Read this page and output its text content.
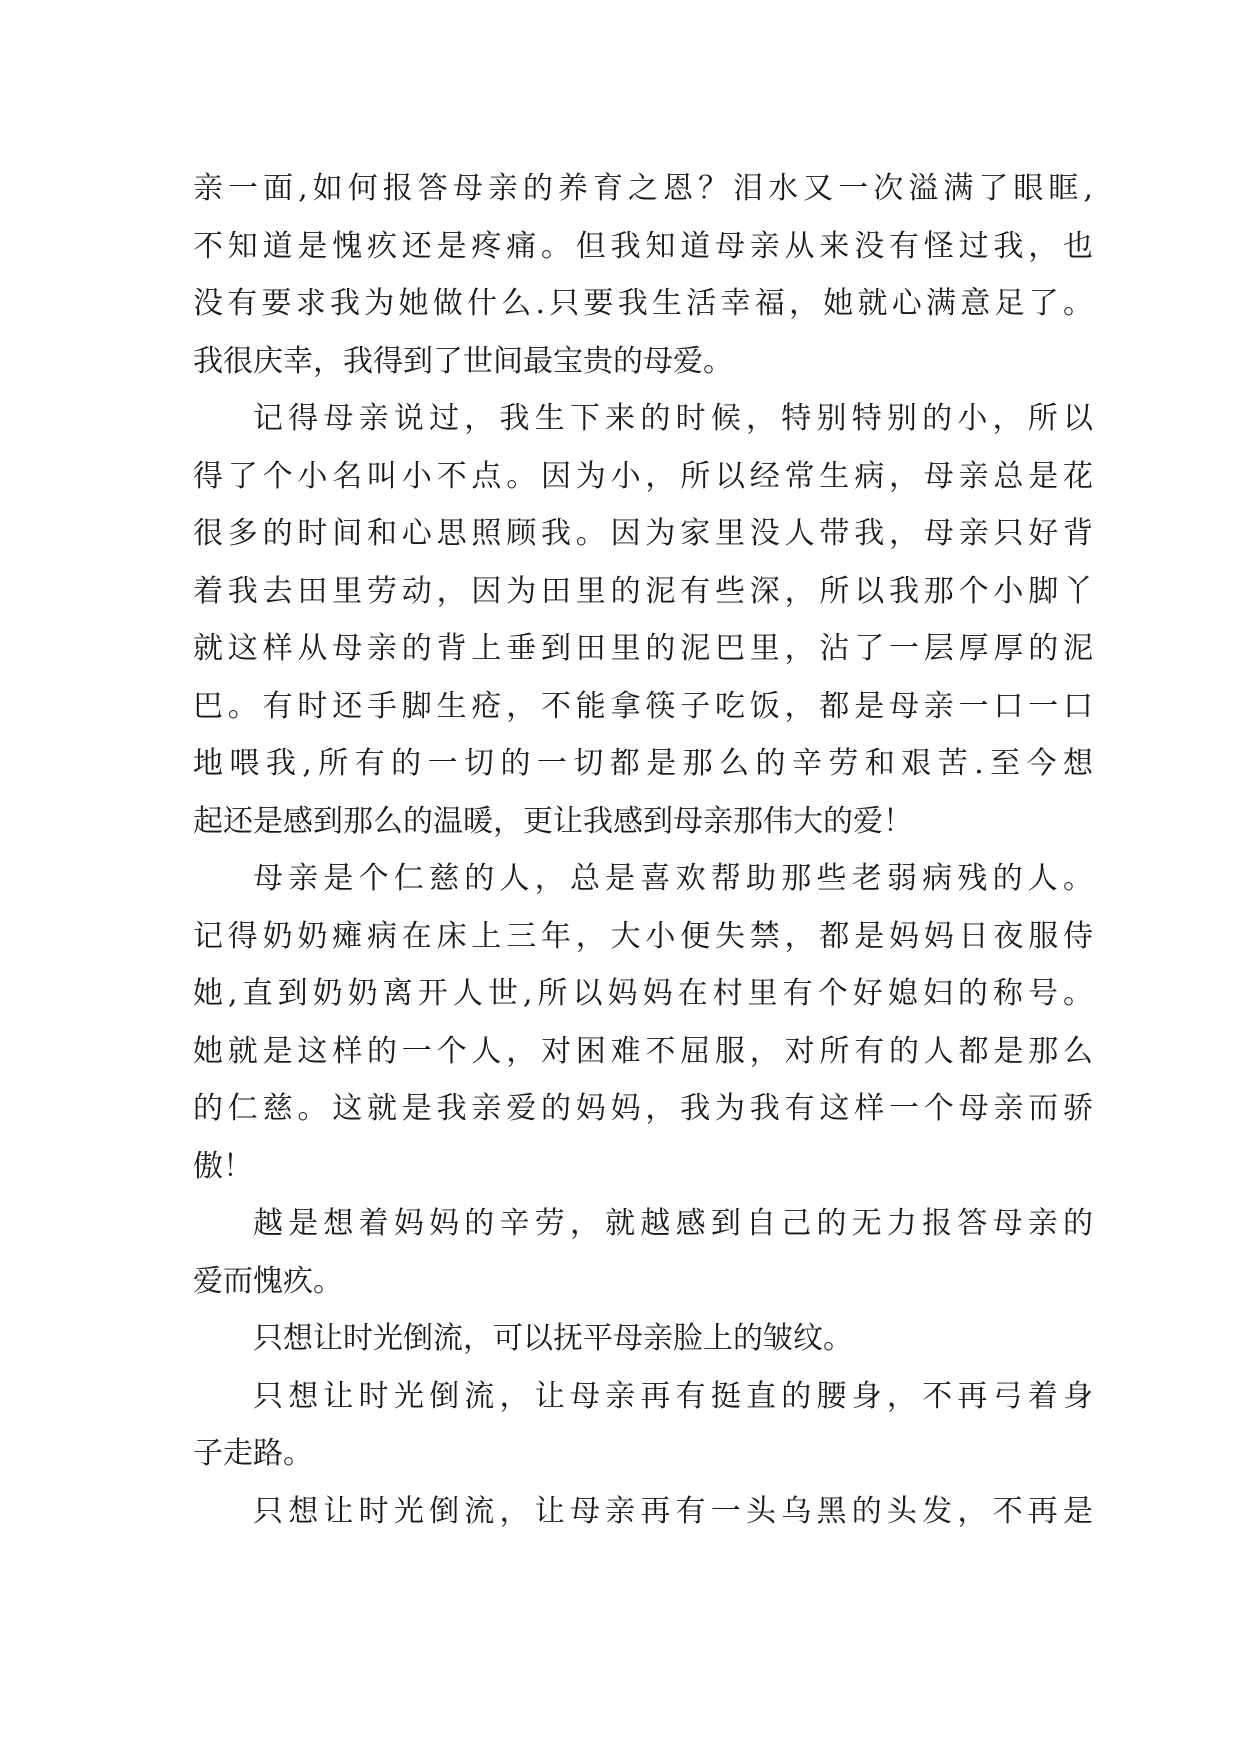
亲一面,如何报答母亲的养育之恩？泪水又一次溢满了眼眶,
不知道是愧疚还是疼痛。但我知道母亲从来没有怪过我，也
没有要求我为她做什么.只要我生活幸福，她就心满意足了。
我很庆幸，我得到了世间最宝贵的母爱。
记得母亲说过，我生下来的时候，特别特别的小，所以
得了个小名叫小不点。因为小，所以经常生病，母亲总是花
很多的时间和心思照顾我。因为家里没人带我，母亲只好背
着我去田里劳动，因为田里的泥有些深，所以我那个小脚丫
就这样从母亲的背上垂到田里的泥巴里，沾了一层厚厚的泥
巴。有时还手脚生疮，不能拿筷子吃饭，都是母亲一口一口
地喂我,所有的一切的一切都是那么的辛劳和艰苦.至今想
起还是感到那么的温暖，更让我感到母亲那伟大的爱！
母亲是个仁慈的人，总是喜欢帮助那些老弱病残的人。
记得奶奶瘫病在床上三年，大小便失禁，都是妈妈日夜服侍
她,直到奶奶离开人世,所以妈妈在村里有个好媳妇的称号。
她就是这样的一个人，对困难不屈服，对所有的人都是那么
的仁慈。这就是我亲爱的妈妈，我为我有这样一个母亲而骄
傲！
越是想着妈妈的辛劳，就越感到自己的无力报答母亲的
爱而愧疚。
只想让时光倒流，可以抚平母亲脸上的皱纹。
只想让时光倒流，让母亲再有挺直的腰身，不再弓着身
子走路。
只想让时光倒流，让母亲再有一头乌黑的头发，不再是
